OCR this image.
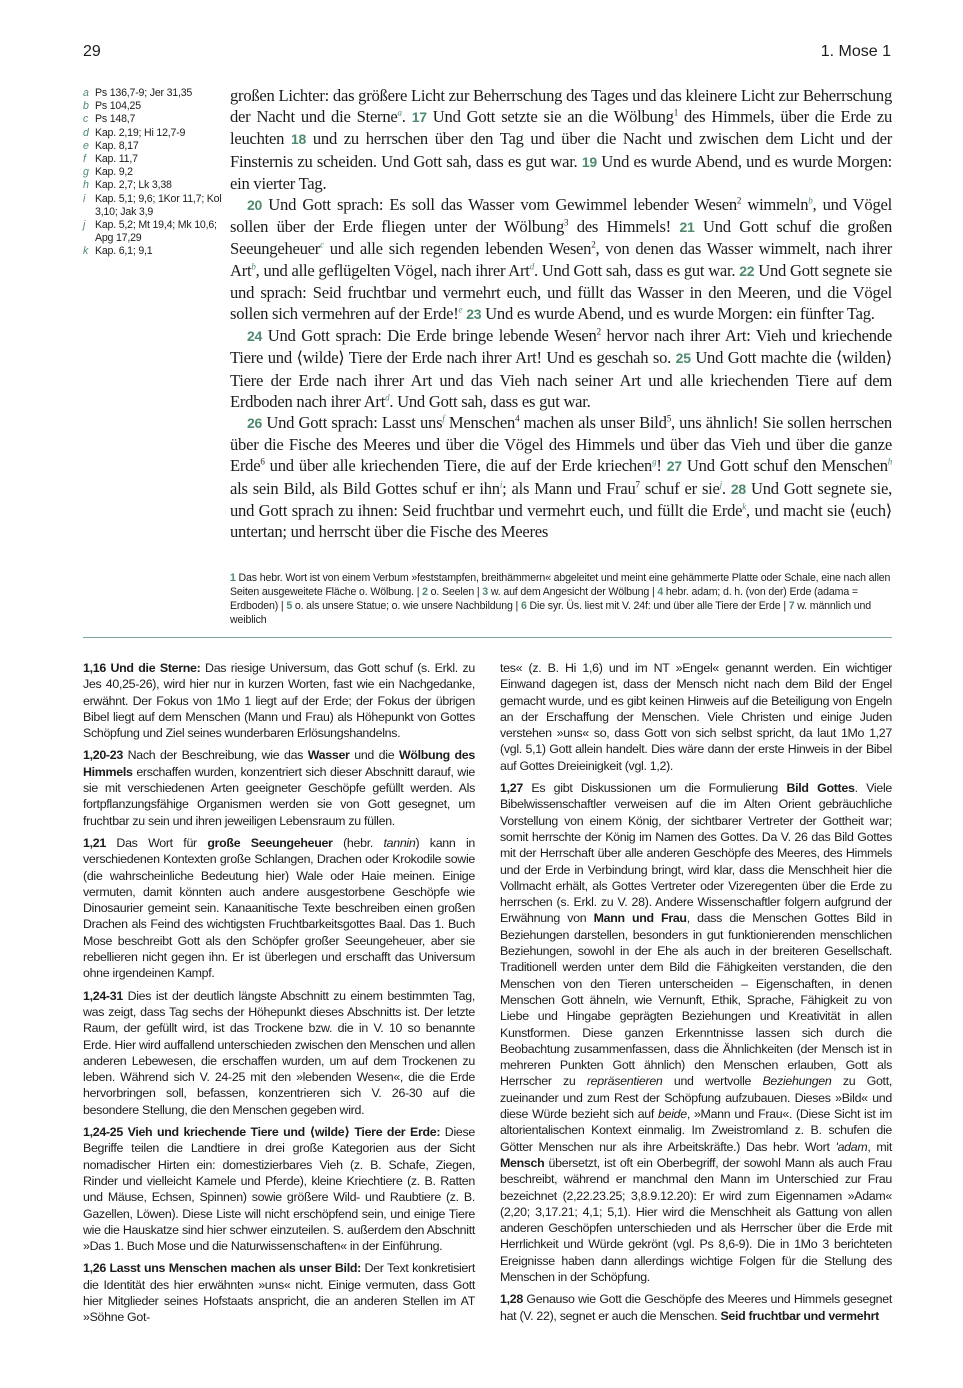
29	1. Mose 1
a Ps 136,7-9; Jer 31,35
b Ps 104,25
c Ps 148,7
d Kap. 2,19; Hi 12,7-9
e Kap. 8,17
f Kap. 11,7
g Kap. 9,2
h Kap. 2,7; Lk 3,38
i Kap. 5,1; 9,6; 1Kor 11,7; Kol 3,10; Jak 3,9
j Kap. 5,2; Mt 19,4; Mk 10,6; Apg 17,29
k Kap. 6,1; 9,1

großen Lichter: das größere Licht zur Beherrschung des Tages und das kleinere Licht zur Beherrschung der Nacht und die Sterne$^a$. 17 Und Gott setzte sie an die Wölbung$^1$ des Himmels, über die Erde zu leuchten 18 und zu herrschen über den Tag und über die Nacht und zwischen dem Licht und der Finsternis zu scheiden. Und Gott sah, dass es gut war. 19 Und es wurde Abend, und es wurde Morgen: ein vierter Tag.

20 Und Gott sprach: Es soll das Wasser vom Gewimmel lebender Wesen$^2$ wimmeln$^b$, und Vögel sollen über der Erde fliegen unter der Wölbung$^3$ des Himmels! 21 Und Gott schuf die großen Seeungeheuer$^c$ und alle sich regenden lebenden Wesen$^2$, von denen das Wasser wimmelt, nach ihrer Art$^b$, und alle geflügelten Vögel, nach ihrer Art$^d$. Und Gott sah, dass es gut war. 22 Und Gott segnete sie und sprach: Seid fruchtbar und vermehrt euch, und füllt das Wasser in den Meeren, und die Vögel sollen sich vermehren auf der Erde!$^e$ 23 Und es wurde Abend, und es wurde Morgen: ein fünfter Tag.

24 Und Gott sprach: Die Erde bringe lebende Wesen$^2$ hervor nach ihrer Art: Vieh und kriechende Tiere und ⟨wilde⟩ Tiere der Erde nach ihrer Art! Und es geschah so. 25 Und Gott machte die ⟨wilden⟩ Tiere der Erde nach ihrer Art und das Vieh nach seiner Art und alle kriechenden Tiere auf dem Erdboden nach ihrer Art$^d$. Und Gott sah, dass es gut war.

26 Und Gott sprach: Lasst uns$^f$ Menschen$^4$ machen als unser Bild$^5$, uns ähnlich! Sie sollen herrschen über die Fische des Meeres und über die Vögel des Himmels und über das Vieh und über die ganze Erde$^6$ und über alle kriechenden Tiere, die auf der Erde kriechen$^g$! 27 Und Gott schuf den Menschen$^h$ als sein Bild, als Bild Gottes schuf er ihn$^i$; als Mann und Frau$^7$ schuf er sie$^j$. 28 Und Gott segnete sie, und Gott sprach zu ihnen: Seid fruchtbar und vermehrt euch, und füllt die Erde$^k$, und macht sie ⟨euch⟩ untertan; und herrscht über die Fische des Meeres

1 Das hebr. Wort ist von einem Verbum »feststampfen, breithämmern« abgeleitet und meint eine gehämmerte Platte oder Schale, eine nach allen Seiten ausgeweitete Fläche o. Wölbung. | 2 o. Seelen | 3 w. auf dem Angesicht der Wölbung | 4 hebr. adam; d. h. (von der) Erde (adama = Erdboden) | 5 o. als unsere Statue; o. wie unsere Nachbildung | 6 Die syr. Üs. liest mit V. 24f: und über alle Tiere der Erde | 7 w. männlich und weiblich

1,16 Und die Sterne: Das riesige Universum, das Gott schuf (s. Erkl. zu Jes 40,25-26), wird hier nur in kurzen Worten, fast wie ein Nachgedanke, erwähnt. Der Fokus von 1Mo 1 liegt auf der Erde; der Fokus der übrigen Bibel liegt auf dem Menschen (Mann und Frau) als Höhepunkt von Gottes Schöpfung und Ziel seines wunderbaren Erlösungshandelns.

1,20-23 Nach der Beschreibung, wie das Wasser und die Wölbung des Himmels erschaffen wurden, konzentriert sich dieser Abschnitt darauf, wie sie mit verschiedenen Arten geeigneter Geschöpfe gefüllt werden. Als fortpflanzungsfähige Organismen werden sie von Gott gesegnet, um fruchtbar zu sein und ihren jeweiligen Lebensraum zu füllen.

1,21 Das Wort für große Seeungeheuer (hebr. tannin) kann in verschiedenen Kontexten große Schlangen, Drachen oder Krokodile sowie (die wahrscheinliche Bedeutung hier) Wale oder Haie meinen. Einige vermuten, damit könnten auch andere ausgestorbene Geschöpfe wie Dinosaurier gemeint sein. Kanaanitische Texte beschreiben einen großen Drachen als Feind des wichtigsten Fruchtbarkeitsgottes Baal. Das 1. Buch Mose beschreibt Gott als den Schöpfer großer Seeungeheuer, aber sie rebellieren nicht gegen ihn. Er ist überlegen und erschafft das Universum ohne irgendeinen Kampf.

1,24-31 Dies ist der deutlich längste Abschnitt zu einem bestimmten Tag, was zeigt, dass Tag sechs der Höhepunkt dieses Abschnitts ist. Der letzte Raum, der gefüllt wird, ist das Trockene bzw. die in V. 10 so benannte Erde. Hier wird auffallend unterschieden zwischen den Menschen und allen anderen Lebewesen, die erschaffen wurden, um auf dem Trockenen zu leben. Während sich V. 24-25 mit den »lebenden Wesen«, die die Erde hervorbringen soll, befassen, konzentrieren sich V. 26-30 auf die besondere Stellung, die den Menschen gegeben wird.

1,24-25 Vieh und kriechende Tiere und ⟨wilde⟩ Tiere der Erde: Diese Begriffe teilen die Landtiere in drei große Kategorien aus der Sicht nomadischer Hirten ein: domestizierbares Vieh (z. B. Schafe, Ziegen, Rinder und vielleicht Kamele und Pferde), kleine Kriechtiere (z. B. Ratten und Mäuse, Echsen, Spinnen) sowie größere Wild- und Raubtiere (z. B. Gazellen, Löwen). Diese Liste will nicht erschöpfend sein, und einige Tiere wie die Hauskatze sind hier schwer einzuteilen. S. außerdem den Abschnitt »Das 1. Buch Mose und die Naturwissenschaften« in der Einführung.

1,26 Lasst uns Menschen machen als unser Bild: Der Text konkretisiert die Identität des hier erwähnten »uns« nicht. Einige vermuten, dass Gott hier Mitglieder seines Hofstaats anspricht, die an anderen Stellen im AT »Söhne Got-

tes« (z. B. Hi 1,6) und im NT »Engel« genannt werden. Ein wichtiger Einwand dagegen ist, dass der Mensch nicht nach dem Bild der Engel gemacht wurde, und es gibt keinen Hinweis auf die Beteiligung von Engeln an der Erschaffung der Menschen. Viele Christen und einige Juden verstehen »uns« so, dass Gott von sich selbst spricht, da laut 1Mo 1,27 (vgl. 5,1) Gott allein handelt. Dies wäre dann der erste Hinweis in der Bibel auf Gottes Dreieinigkeit (vgl. 1,2).

1,27 Es gibt Diskussionen um die Formulierung Bild Gottes. Viele Bibelwissenschaftler verweisen auf die im Alten Orient gebräuchliche Vorstellung von einem König, der sichtbarer Vertreter der Gottheit war; somit herrschte der König im Namen des Gottes. Da V. 26 das Bild Gottes mit der Herrschaft über alle anderen Geschöpfe des Meeres, des Himmels und der Erde in Verbindung bringt, wird klar, dass die Menschheit hier die Vollmacht erhält, als Gottes Vertreter oder Vizeregenten über die Erde zu herrschen (s. Erkl. zu V. 28). Andere Wissenschaftler folgern aufgrund der Erwähnung von Mann und Frau, dass die Menschen Gottes Bild in Beziehungen darstellen, besonders in gut funktionierenden menschlichen Beziehungen, sowohl in der Ehe als auch in der breiteren Gesellschaft. Traditionell werden unter dem Bild die Fähigkeiten verstanden, die den Menschen von den Tieren unterscheiden – Eigenschaften, in denen Menschen Gott ähneln, wie Vernunft, Ethik, Sprache, Fähigkeit zu von Liebe und Hingabe geprägten Beziehungen und Kreativität in allen Kunstformen. Diese ganzen Erkenntnisse lassen sich durch die Beobachtung zusammenfassen, dass die Ähnlichkeiten (der Mensch ist in mehreren Punkten Gott ähnlich) den Menschen erlauben, Gott als Herrscher zu repräsentieren und wertvolle Beziehungen zu Gott, zueinander und zum Rest der Schöpfung aufzubauen. Dieses »Bild« und diese Würde bezieht sich auf beide, »Mann und Frau«. (Diese Sicht ist im altorientalischen Kontext einmalig. Im Zweistromland z. B. schufen die Götter Menschen nur als ihre Arbeitskräfte.) Das hebr. Wort 'adam, mit Mensch übersetzt, ist oft ein Oberbegriff, der sowohl Mann als auch Frau beschreibt, während er manchmal den Mann im Unterschied zur Frau bezeichnet (2,22.23.25; 3,8.9.12.20): Er wird zum Eigennamen »Adam« (2,20; 3,17.21; 4,1; 5,1). Hier wird die Menschheit als Gattung von allen anderen Geschöpfen unterschieden und als Herrscher über die Erde mit Herrlichkeit und Würde gekrönt (vgl. Ps 8,6-9). Die in 1Mo 3 berichteten Ereignisse haben dann allerdings wichtige Folgen für die Stellung des Menschen in der Schöpfung.

1,28 Genauso wie Gott die Geschöpfe des Meeres und Himmels gesegnet hat (V. 22), segnet er auch die Menschen. Seid fruchtbar und vermehrt
